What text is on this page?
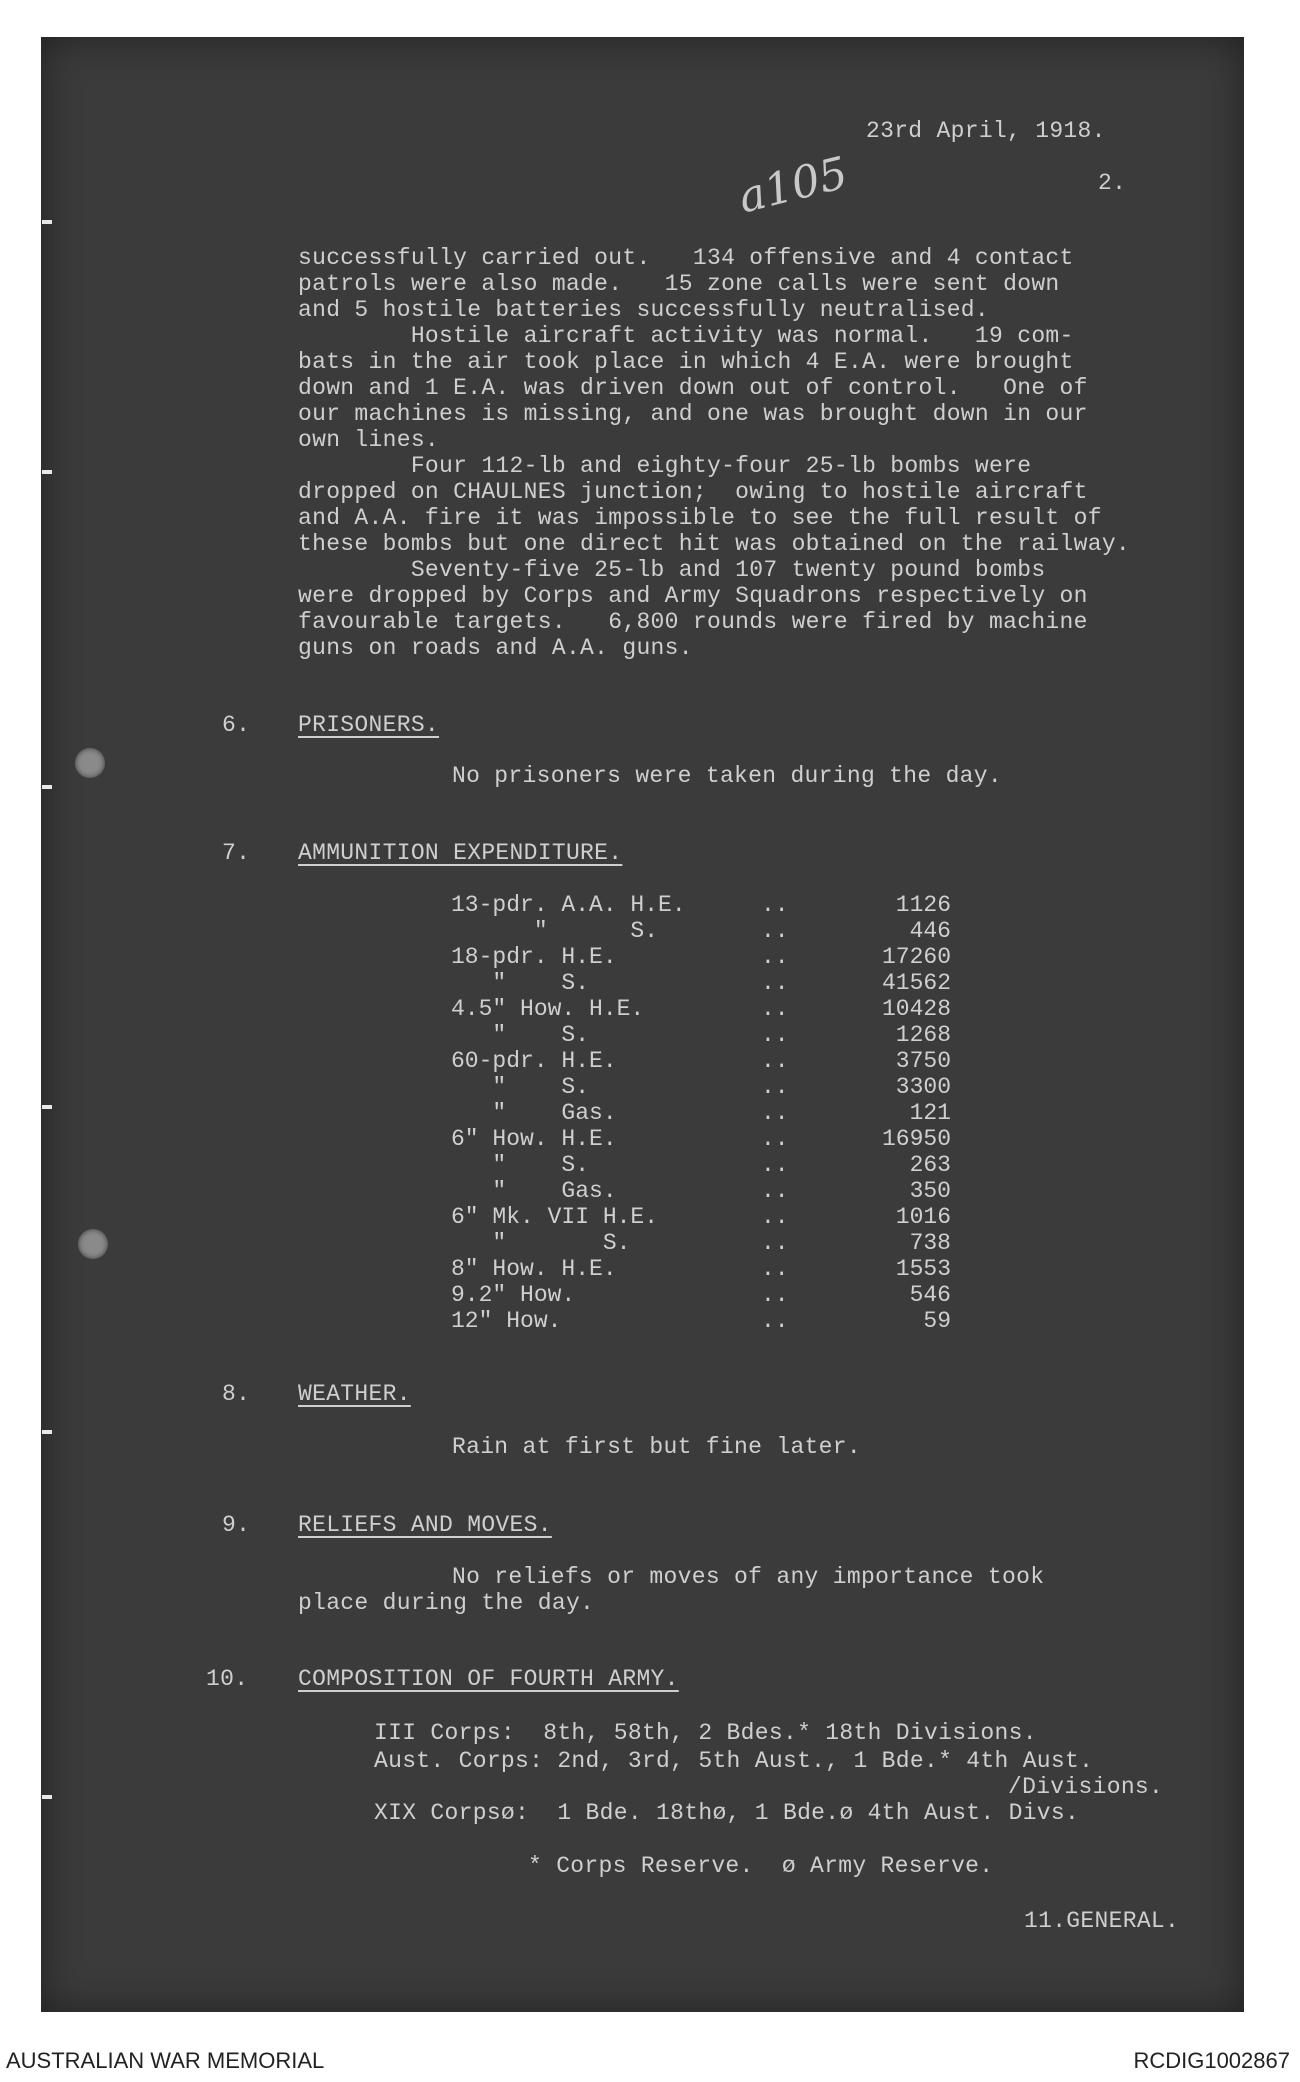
23rd April, 1918.
2.
a105
successfully carried out.   134 offensive and 4 contact
patrols were also made.   15 zone calls were sent down
and 5 hostile batteries successfully neutralised.
Hostile aircraft activity was normal.   19 com-
bats in the air took place in which 4 E.A. were brought
down and 1 E.A. was driven down out of control.   One of
our machines is missing, and one was brought down in our
own lines.
Four 112-lb and eighty-four 25-lb bombs were
dropped on CHAULNES junction;  owing to hostile aircraft
and A.A. fire it was impossible to see the full result of
these bombs but one direct hit was obtained on the railway.
Seventy-five 25-lb and 107 twenty pound bombs
were dropped by Corps and Army Squadrons respectively on
favourable targets.   6,800 rounds were fired by machine
guns on roads and A.A. guns.
6. PRISONERS.
No prisoners were taken during the day.
7. AMMUNITION EXPENDITURE.
13-pdr. A.A. H.E.	..	1126
"      S.	..	446
18-pdr. H.E.	..	17260
"    S.	..	41562
4.5" How. H.E.	..	10428
"    S.	..	1268
60-pdr. H.E.	..	3750
"    S.	..	3300
"    Gas.	..	121
6" How. H.E.	..	16950
"    S.	..	263
"    Gas.	..	350
6" Mk. VII H.E.	..	1016
"       S.	..	738
8" How. H.E.	..	1553
9.2" How.	..	546
12" How.	..	59
8. WEATHER.
Rain at first but fine later.
9. RELIEFS AND MOVES.
No reliefs or moves of any importance took
place during the day.
10. COMPOSITION OF FOURTH ARMY.
III Corps:  8th, 58th, 2 Bdes.* 18th Divisions.
Aust. Corps: 2nd, 3rd, 5th Aust., 1 Bde.* 4th Aust.
/Divisions.
XIX Corpsø:  1 Bde. 18thø, 1 Bde.ø 4th Aust. Divs.
* Corps Reserve.  ø Army Reserve.
11.GENERAL.
AUSTRALIAN WAR MEMORIAL	RCDIG1002867
